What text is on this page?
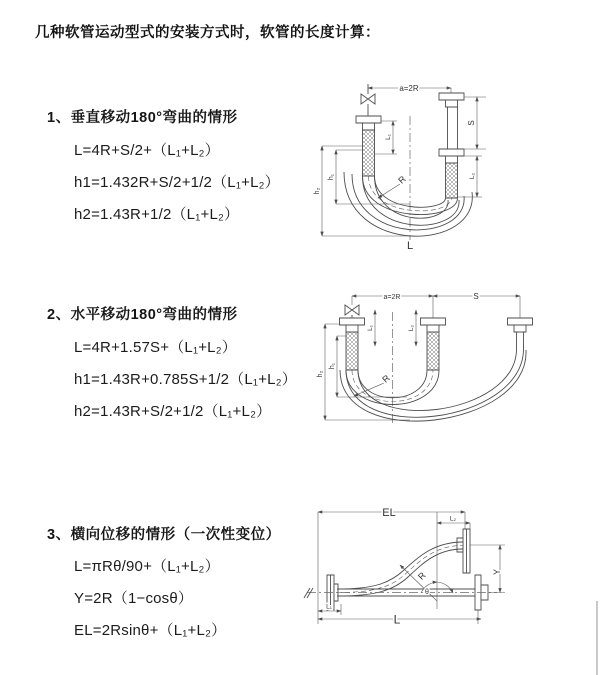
几种软管运动型式的安装方式时，软管的长度计算：
1、垂直移动180°弯曲的情形
L=4R+S/2+（L₁+L₂）
h1=1.432R+S/2+1/2（L₁+L₂）
h2=1.43R+1/2（L₁+L₂）
2、水平移动180°弯曲的情形
L=4R+1.57S+（L₁+L₂）
h1=1.43R+0.785S+1/2（L₁+L₂）
h2=1.43R+S/2+1/2（L₁+L₂）
3、横向位移的情形（一次性变位）
L=πRθ/90+（L₁+L₂）
Y=2R（1−cosθ）
EL=2Rsinθ+（L₁+L₂）
a=2R
L₁
h₂
h₁
S
L₂
R
L
a=2R	S
L₁	L₂
h₂
h₁
R
EL	L₂
R
θ
Y
L₁
L
